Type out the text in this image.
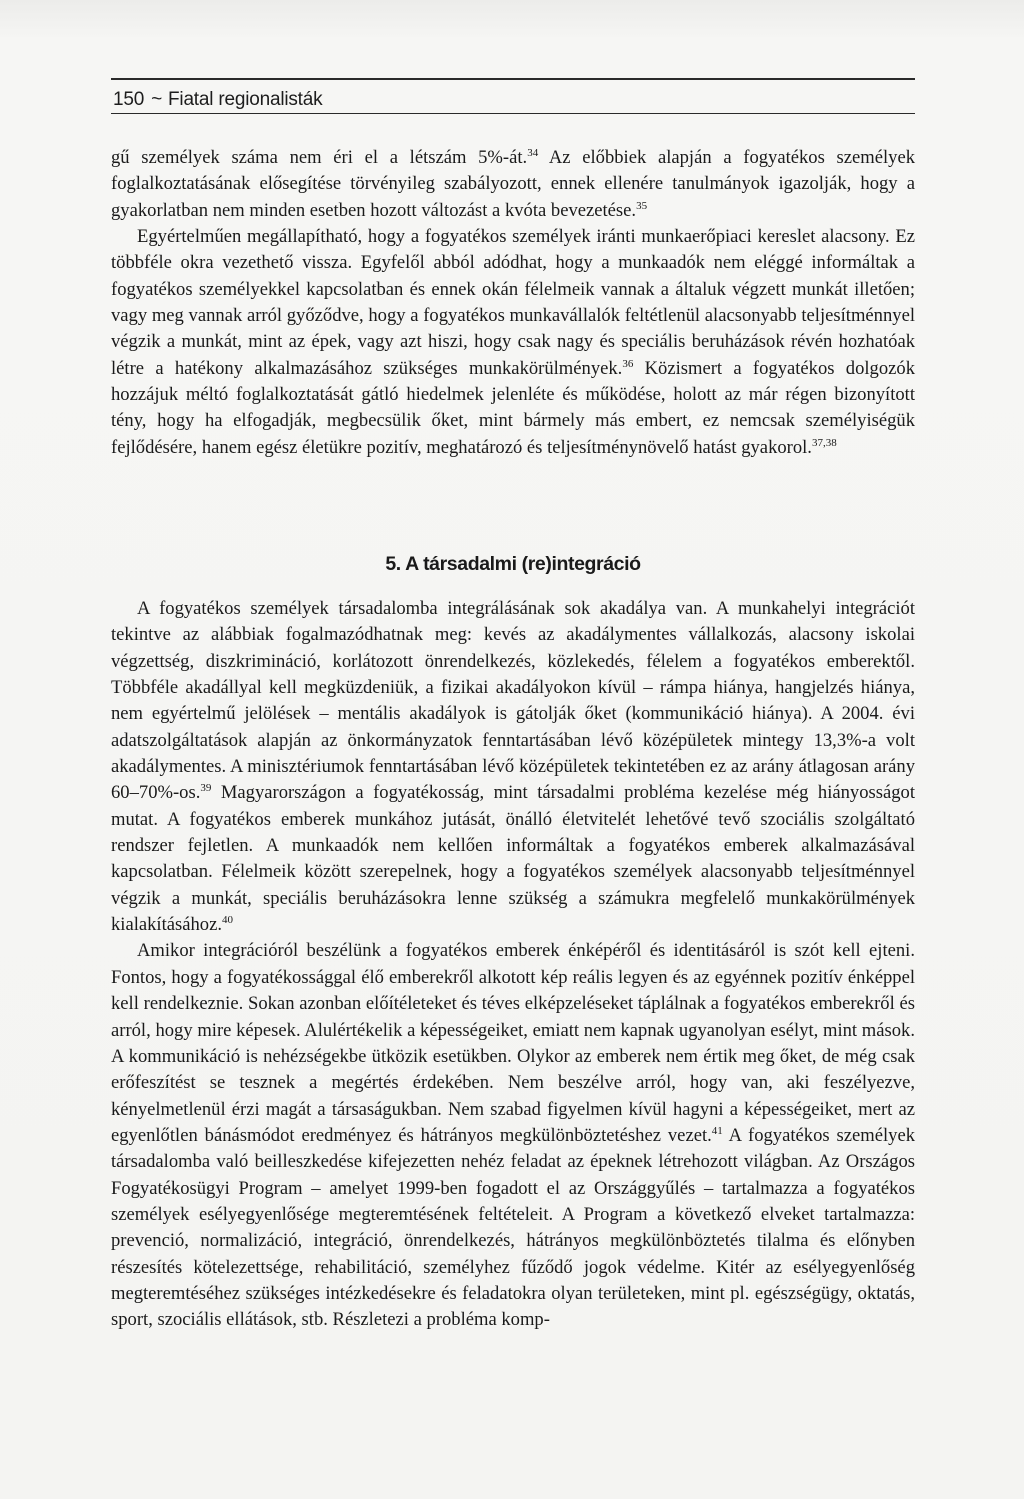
150 ~ Fiatal regionalisták

gű személyek száma nem éri el a létszám 5%-át.$^{34}$ Az előbbiek alapján a fogyatékos személyek foglalkoztatásának elősegítése törvényileg szabályozott, ennek ellenére tanulmányok igazolják, hogy a gyakorlatban nem minden esetben hozott változást a kvóta bevezetése.$^{35}$

Egyértelműen megállapítható, hogy a fogyatékos személyek iránti munkaerőpiaci kereslet alacsony. Ez többféle okra vezethető vissza. Egyfelől abból adódhat, hogy a munkaadók nem eléggé informáltak a fogyatékos személyekkel kapcsolatban és ennek okán félelmeik vannak a általuk végzett munkát illetően; vagy meg vannak arról győződve, hogy a fogyatékos munkavállalók feltétlenül alacsonyabb teljesítménnyel végzik a munkát, mint az épek, vagy azt hiszi, hogy csak nagy és speciális beruházások révén hozhatóak létre a hatékony alkalmazásához szükséges munkakörülmények.$^{36}$ Közismert a fogyatékos dolgozók hozzájuk méltó foglalkoztatását gátló hiedelmek jelenléte és működése, holott az már régen bizonyított tény, hogy ha elfogadják, megbecsülik őket, mint bármely más embert, ez nemcsak személyiségük fejlődésére, hanem egész életükre pozitív, meghatározó és teljesítménynövelő hatást gyakorol.$^{37,38}$

5. A társadalmi (re)integráció

A fogyatékos személyek társadalomba integrálásának sok akadálya van. A munkahelyi integrációt tekintve az alábbiak fogalmazódhatnak meg: kevés az akadálymentes vállalkozás, alacsony iskolai végzettség, diszkrimináció, korlátozott önrendelkezés, közlekedés, félelem a fogyatékos emberektől. Többféle akadállyal kell megküzdeniük, a fizikai akadályokon kívül – rámpa hiánya, hangjelzés hiánya, nem egyértelmű jelölések – mentális akadályok is gátolják őket (kommunikáció hiánya). A 2004. évi adatszolgáltatások alapján az önkormányzatok fenntartásában lévő középületek mintegy 13,3%-a volt akadálymentes. A minisztériumok fenntartásában lévő középületek tekintetében ez az arány átlagosan arány 60–70%-os.$^{39}$ Magyarországon a fogyatékosság, mint társadalmi probléma kezelése még hiányosságot mutat. A fogyatékos emberek munkához jutását, önálló életvitelét lehetővé tevő szociális szolgáltató rendszer fejletlen. A munkaadók nem kellően informáltak a fogyatékos emberek alkalmazásával kapcsolatban. Félelmeik között szerepelnek, hogy a fogyatékos személyek alacsonyabb teljesítménnyel végzik a munkát, speciális beruházásokra lenne szükség a számukra megfelelő munkakörülmények kialakításához.$^{40}$

Amikor integrációról beszélünk a fogyatékos emberek énképéről és identitásáról is szót kell ejteni. Fontos, hogy a fogyatékossággal élő emberekről alkotott kép reális legyen és az egyénnek pozitív énképpel kell rendelkeznie. Sokan azonban előítéleteket és téves elképzeléseket táplálnak a fogyatékos emberekről és arról, hogy mire képesek. Alulértékelik a képességeiket, emiatt nem kapnak ugyanolyan esélyt, mint mások. A kommunikáció is nehézségekbe ütközik esetükben. Olykor az emberek nem értik meg őket, de még csak erőfeszítést se tesznek a megértés érdekében. Nem beszélve arról, hogy van, aki feszélyezve, kényelmetlenül érzi magát a társaságukban. Nem szabad figyelmen kívül hagyni a képességeiket, mert az egyenlőtlen bánásmódot eredményez és hátrányos megkülönböztetéshez vezet.$^{41}$ A fogyatékos személyek társadalomba való beilleszkedése kifejezetten nehéz feladat az épeknek létrehozott világban. Az Országos Fogyatékosügyi Program – amelyet 1999-ben fogadott el az Országgyűlés – tartalmazza a fogyatékos személyek esélyegyenlősége megteremtésének feltételeit. A Program a következő elveket tartalmazza: prevenció, normalizáció, integráció, önrendelkezés, hátrányos megkülönböztetés tilalma és előnyben részesítés kötelezettsége, rehabilitáció, személyhez fűződő jogok védelme. Kitér az esélyegyenlőség megteremtéséhez szükséges intézkedésekre és feladatokra olyan területeken, mint pl. egészségügy, oktatás, sport, szociális ellátások, stb. Részletezi a probléma komp-
